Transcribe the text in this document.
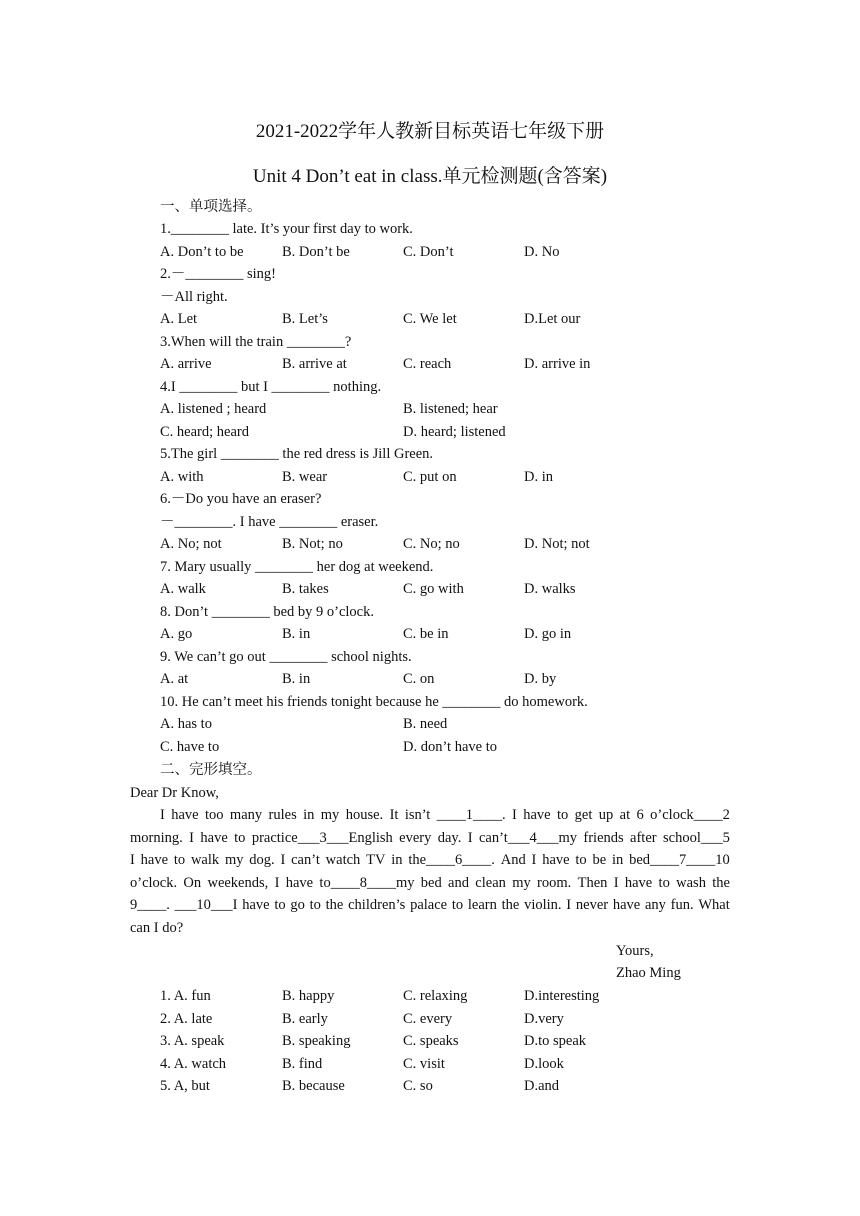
2021-2022学年人教新目标英语七年级下册
Unit 4 Don’t eat in class.单元检测题(含答案)
一、单项选择。
1.________ late. It’s your first day to work.
A. Don’t to be	B. Don’t be	C. Don’t	D. No
2.－________ sing!
－All right.
A. Let	B. Let’s	C. We let	D.Let our
3.When will the train ________?
A. arrive	B. arrive at	C. reach	D. arrive in
4.I ________ but I ________ nothing.
A. listened ; heard	B. listened; hear
C. heard; heard	D. heard; listened
5.The girl ________ the red dress is Jill Green.
A. with	B. wear	C. put on	D. in
6.－Do you have an eraser?
－________. I have ________ eraser.
A. No; not	B. Not; no	C. No; no	D. Not; not
7. Mary usually ________ her dog at weekend.
A. walk	B. takes	C. go with	D. walks
8. Don’t ________ bed by 9 o’clock.
A. go	B. in	C. be in	D. go in
9. We can’t go out ________ school nights.
A. at	B. in	C. on	D. by
10. He can’t meet his friends tonight because he ________ do homework.
A. has to	B. need
C. have to	D. don’t have to
二、完形填空。
Dear Dr Know,
I have too many rules in my house. It isn’t ____1____. I have to get up at 6 o’clock____2
morning. I have to practice___3___English every day. I can’t___4___my friends after school___5
I have to walk my dog. I can’t watch TV in the____6____. And I have to be in bed____7____10
o’clock. On weekends, I have to____8____my bed and clean my room. Then I have to wash the
9____. ___10___I have to go to the children’s palace to learn the violin. I never have any fun. What
can I do?
Yours,
Zhao Ming
1. A. fun	B. happy	C. relaxing	D.interesting
2. A. late	B. early	C. every	D.very
3. A. speak	B. speaking	C. speaks	D.to speak
4. A. watch	B. find	C. visit	D.look
5. A, but	B. because	C. so	D.and
